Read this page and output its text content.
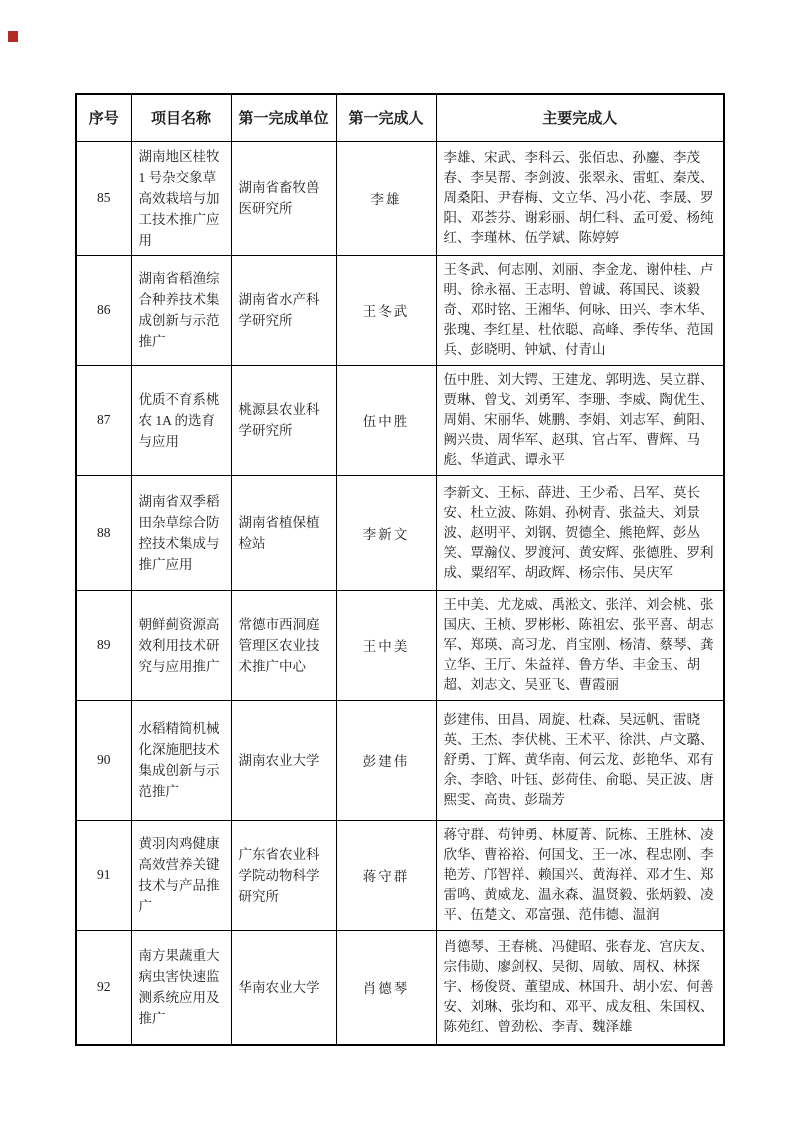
序号	项目名称	第一完成单位	第一完成人	主要完成人
85	湖南地区桂牧 1 号杂交象草高效栽培与加工技术推广应用	湖南省畜牧兽医研究所	李雄	李雄、宋武、李科云、张佰忠、孙鏖、李茂春、李昊帮、李剑波、张翠永、雷虹、秦茂、周桑阳、尹春梅、文立华、冯小花、李晟、罗阳、邓荟芬、谢彩丽、胡仁科、孟可爱、杨纯红、李瑾林、伍学斌、陈婷婷
86	湖南省稻渔综合种养技术集成创新与示范推广	湖南省水产科学研究所	王冬武	王冬武、何志刚、刘丽、李金龙、谢仲桂、卢明、徐永福、王志明、曾诚、蒋国民、谈毅奇、邓时铭、王湘华、何咏、田兴、李木华、张瑰、李红星、杜依聪、高峰、季传华、范国兵、彭晓明、钟斌、付青山
87	优质不育系桃农 1A 的选育与应用	桃源县农业科学研究所	伍中胜	伍中胜、刘大锷、王建龙、郭明选、吴立群、贾琳、曾戈、刘勇军、李珊、李威、陶优生、周娟、宋丽华、姚鹏、李娟、刘志军、蓟阳、阙兴贵、周华军、赵琪、官占军、曹辉、马彪、华道武、谭永平
88	湖南省双季稻田杂草综合防控技术集成与推广应用	湖南省植保植检站	李新文	李新文、王标、薛进、王少希、吕军、莫长安、杜立波、陈娟、孙树青、张益夫、刘景波、赵明平、刘钢、贺德全、熊艳辉、彭丛笑、覃瀚仪、罗渡河、黄安辉、张德胜、罗利成、粟绍军、胡政辉、杨宗伟、吴庆军
89	朝鲜蓟资源高效利用技术研究与应用推广	常德市西洞庭管理区农业技术推广中心	王中美	王中美、尤龙威、禹淞文、张洋、刘会桃、张国庆、王桢、罗彬彬、陈祖宏、张平喜、胡志军、郑瑛、高习龙、肖宝刚、杨清、蔡琴、龚立华、王厅、朱益祥、鲁方华、丰金玉、胡超、刘志文、吴亚飞、曹霞丽
90	水稻精简机械化深施肥技术集成创新与示范推广	湖南农业大学	彭建伟	彭建伟、田昌、周旋、杜森、吴远帆、雷晓英、王杰、李伏桃、王术平、徐洪、卢文璐、舒勇、丁辉、黄华南、何云龙、彭艳华、邓有余、李晗、叶钰、彭荷佳、俞聪、吴正波、唐熙雯、高贵、彭瑞芳
91	黄羽肉鸡健康高效营养关键技术与产品推广	广东省农业科学院动物科学研究所	蒋守群	蒋守群、苟钟勇、林厦菁、阮栋、王胜林、凌欣华、曹裕裕、何国戈、王一冰、程忠刚、李艳芳、邝智祥、赖国兴、黄海祥、邓才生、郑雷鸣、黄威龙、温永森、温贤毅、张炳毅、凌平、伍楚文、邓富强、范伟德、温润
92	南方果蔬重大病虫害快速监测系统应用及推广	华南农业大学	肖德琴	肖德琴、王春桃、冯健昭、张春龙、宫庆友、宗伟勋、廖剑权、吴彻、周敏、周权、林探宇、杨俊贤、董望成、林国升、胡小宏、何善安、刘琳、张均和、邓平、成友租、朱国权、陈苑红、曾劲松、李青、魏泽雄
